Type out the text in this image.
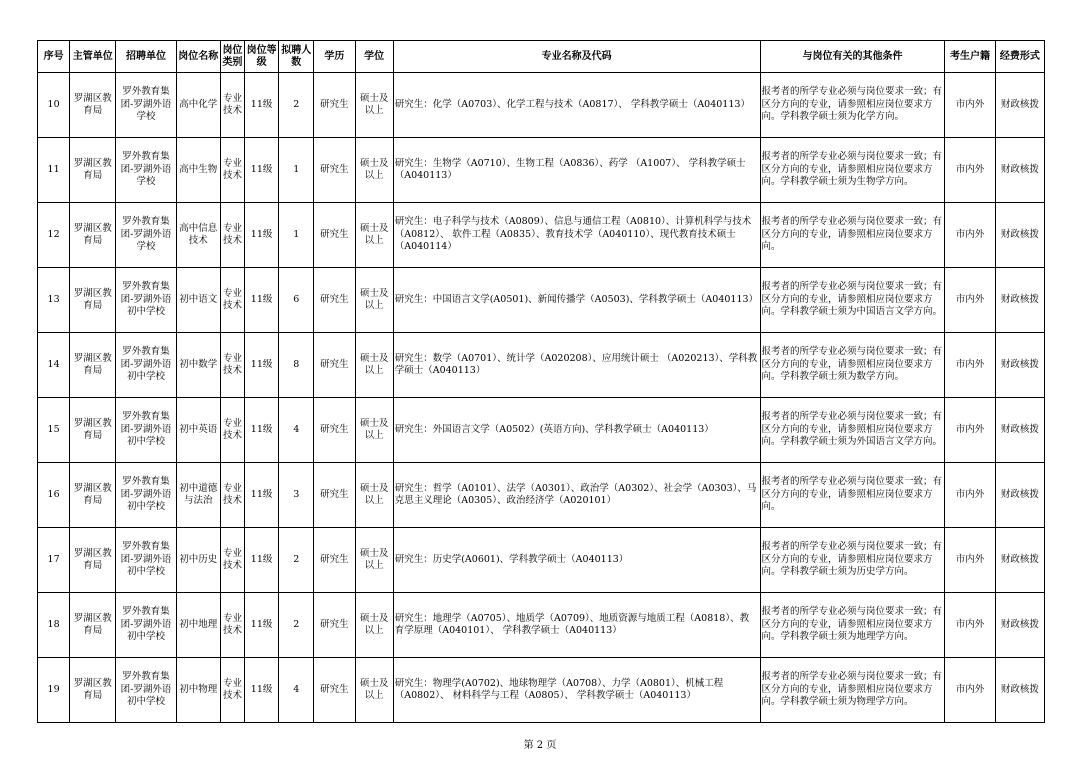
序号	主管单位	招聘单位	岗位名称	岗位类别	岗位等级	拟聘人数	学历	学位	专业名称及代码	与岗位有关的其他条件	考生户籍	经费形式
10	罗湖区教育局	罗外教育集团-罗湖外语学校	高中化学	专业技术	11级	2	研究生	硕士及以上	研究生：化学（A0703）、化学工程与技术（A0817）、 学科教学硕士（A040113）	报考者的所学专业必须与岗位要求一致；有区分方向的专业，请参照相应岗位要求方向。学科教学硕士须为化学方向。	市内外	财政核拨
11	罗湖区教育局	罗外教育集团-罗湖外语学校	高中生物	专业技术	11级	1	研究生	硕士及以上	研究生：生物学（A0710）、生物工程（A0836）、药学 （A1007）、 学科教学硕士（A040113）	报考者的所学专业必须与岗位要求一致；有区分方向的专业，请参照相应岗位要求方向。学科教学硕士须为生物学方向。	市内外	财政核拨
12	罗湖区教育局	罗外教育集团-罗湖外语学校	高中信息技术	专业技术	11级	1	研究生	硕士及以上	研究生：电子科学与技术（A0809）、信息与通信工程（A0810）、计算机科学与技术（A0812）、 软件工程（A0835）、教育技术学（A040110）、现代教育技术硕士（A040114）	报考者的所学专业必须与岗位要求一致；有区分方向的专业，请参照相应岗位要求方向。	市内外	财政核拨
13	罗湖区教育局	罗外教育集团-罗湖外语初中学校	初中语文	专业技术	11级	6	研究生	硕士及以上	研究生：中国语言文学(A0501)、新闻传播学（A0503)、学科教学硕士（A040113）	报考者的所学专业必须与岗位要求一致；有区分方向的专业，请参照相应岗位要求方向。学科教学硕士须为中国语言文学方向。	市内外	财政核拨
14	罗湖区教育局	罗外教育集团-罗湖外语初中学校	初中数学	专业技术	11级	8	研究生	硕士及以上	研究生：数学（A0701）、统计学（A020208）、应用统计硕士 （A020213）、学科教学硕士（A040113）	报考者的所学专业必须与岗位要求一致；有区分方向的专业，请参照相应岗位要求方向。学科教学硕士须为数学方向。	市内外	财政核拨
15	罗湖区教育局	罗外教育集团-罗湖外语初中学校	初中英语	专业技术	11级	4	研究生	硕士及以上	研究生：外国语言文学（A0502）(英语方向)、学科教学硕士（A040113）	报考者的所学专业必须与岗位要求一致；有区分方向的专业，请参照相应岗位要求方向。学科教学硕士须为外国语言文学方向。	市内外	财政核拨
16	罗湖区教育局	罗外教育集团-罗湖外语初中学校	初中道德与法治	专业技术	11级	3	研究生	硕士及以上	研究生：哲学（A0101）、法学（A0301）、政治学（A0302）、社会学（A0303）、马克思主义理论（A0305）、政治经济学（A020101）	报考者的所学专业必须与岗位要求一致；有区分方向的专业，请参照相应岗位要求方向。	市内外	财政核拨
17	罗湖区教育局	罗外教育集团-罗湖外语初中学校	初中历史	专业技术	11级	2	研究生	硕士及以上	研究生：历史学(A0601)、学科教学硕士（A040113）	报考者的所学专业必须与岗位要求一致；有区分方向的专业，请参照相应岗位要求方向。学科教学硕士须为历史学方向。	市内外	财政核拨
18	罗湖区教育局	罗外教育集团-罗湖外语初中学校	初中地理	专业技术	11级	2	研究生	硕士及以上	研究生：地理学（A0705）、地质学（A0709）、地质资源与地质工程（A0818）、教育学原理（A040101）、 学科教学硕士（A040113）	报考者的所学专业必须与岗位要求一致；有区分方向的专业，请参照相应岗位要求方向。学科教学硕士须为地理学方向。	市内外	财政核拨
19	罗湖区教育局	罗外教育集团-罗湖外语初中学校	初中物理	专业技术	11级	4	研究生	硕士及以上	研究生：物理学(A0702)、地球物理学（A0708）、力学（A0801）、机械工程（A0802）、 材料科学与工程（A0805）、 学科教学硕士（A040113）	报考者的所学专业必须与岗位要求一致；有区分方向的专业，请参照相应岗位要求方向。学科教学硕士须为物理学方向。	市内外	财政核拨
第 2 页
